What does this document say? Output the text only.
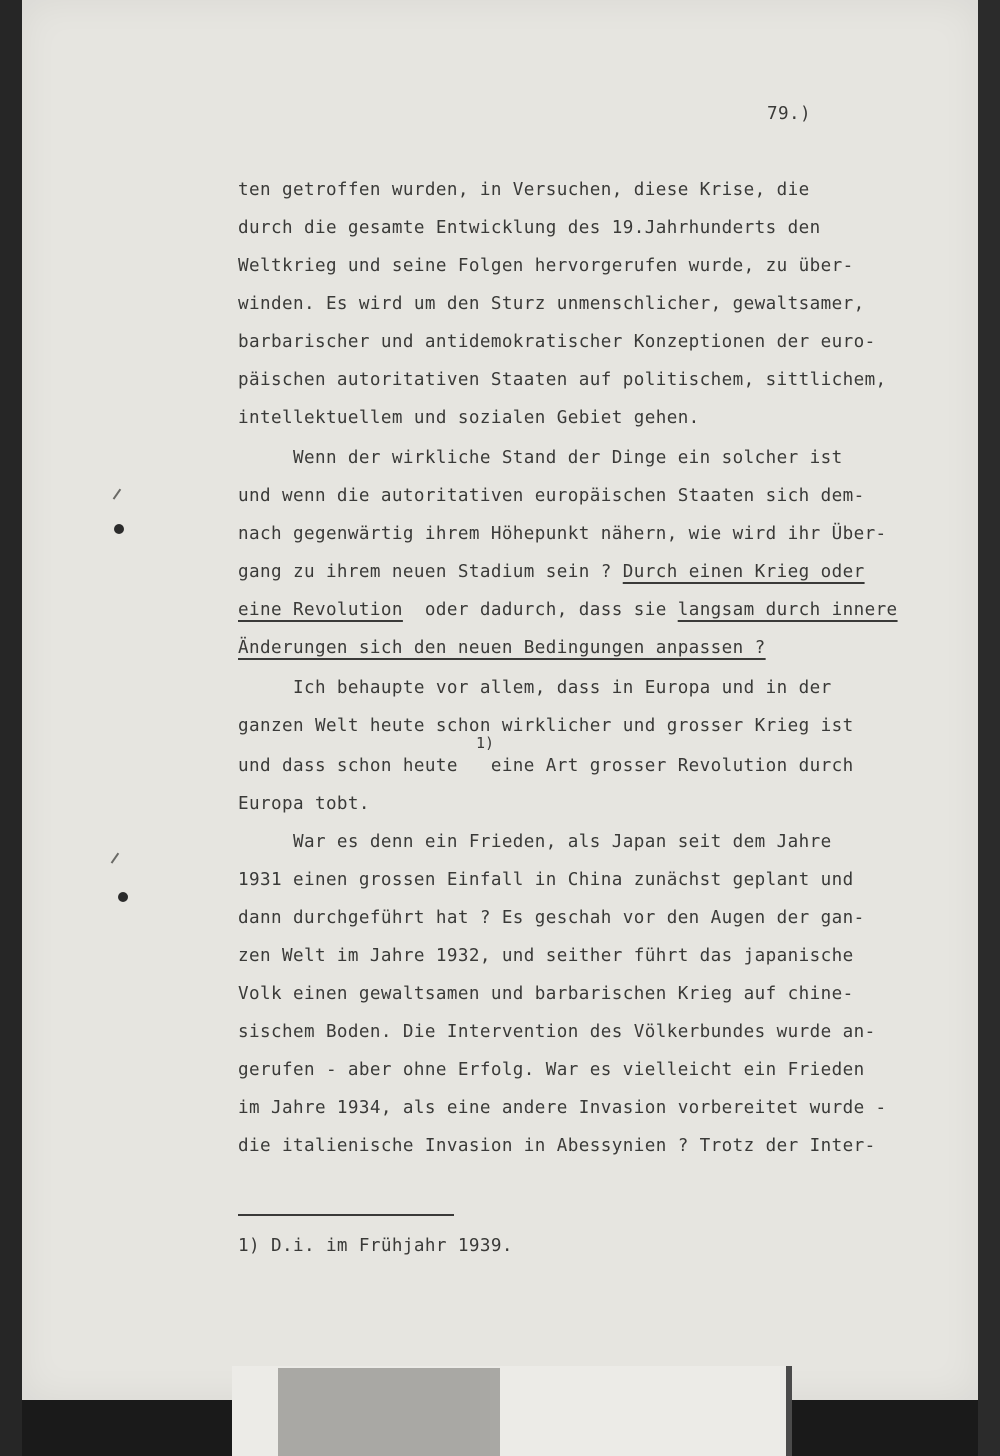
79.)
ten getroffen wurden, in Versuchen, diese Krise, die
durch die gesamte Entwicklung des 19.Jahrhunderts den
Weltkrieg und seine Folgen hervorgerufen wurde, zu über-
winden. Es wird um den Sturz unmenschlicher, gewaltsamer,
barbarischer und antidemokratischer Konzeptionen der euro-
päischen autoritativen Staaten auf politischem, sittlichem,
intellektuellem und sozialen Gebiet gehen.
Wenn der wirkliche Stand der Dinge ein solcher ist
und wenn die autoritativen europäischen Staaten sich dem-
nach gegenwärtig ihrem Höhepunkt nähern, wie wird ihr Über-
gang zu ihrem neuen Stadium sein ? Durch einen Krieg oder
eine Revolution  oder dadurch, dass sie langsam durch innere
Änderungen sich den neuen Bedingungen anpassen ?
Ich behaupte vor allem, dass in Europa und in der
ganzen Welt heute schon wirklicher und grosser Krieg ist
1)
und dass schon heute   eine Art grosser Revolution durch
Europa tobt.
War es denn ein Frieden, als Japan seit dem Jahre
1931 einen grossen Einfall in China zunächst geplant und
dann durchgeführt hat ? Es geschah vor den Augen der gan-
zen Welt im Jahre 1932, und seither führt das japanische
Volk einen gewaltsamen und barbarischen Krieg auf chine-
sischem Boden. Die Intervention des Völkerbundes wurde an-
gerufen - aber ohne Erfolg. War es vielleicht ein Frieden
im Jahre 1934, als eine andere Invasion vorbereitet wurde -
die italienische Invasion in Abessynien ? Trotz der Inter-
1) D.i. im Frühjahr 1939.
